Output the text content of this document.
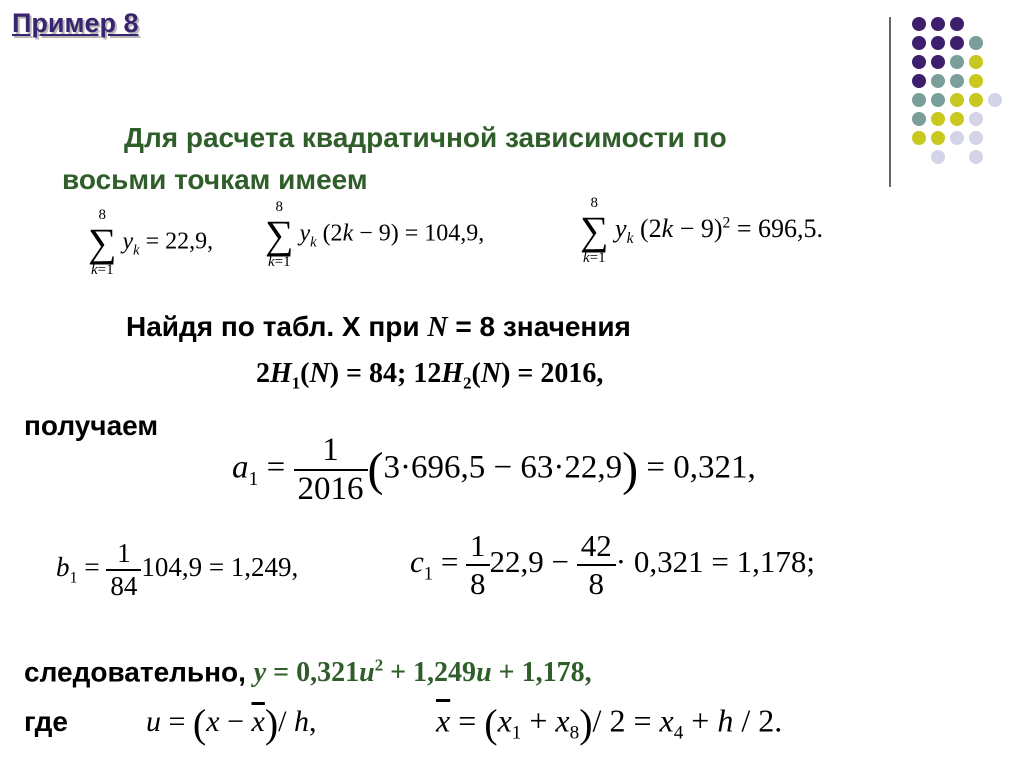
Пример 8
Для расчета квадратичной зависимости по
восьми точкам имеем
8
∑
k=1
$y_k = 22,9$,
8
∑
k=1
$y_k$ (2k − 9) = 104,9,
8
∑
k=1
$y_k$ $(2k - 9)^2 = 696,5$.
Найдя по табл. X при N = 8 значения
$2H_1(N) = 84$; $12H_2(N) = 2016$,
получаем
$a_1 = \frac{1}{2016} (3\cdot 696,5 - 63\cdot 22,9) = 0,321$,
$b_1 = \frac{1}{84} 104,9 = 1,249$,	$c_1 = \frac{1}{8} 22,9 - \frac{42}{8} \cdot 0,321 = 1,178$;
следовательно, $y = 0,321u^2 + 1,249u + 1,178$,
где	$u = (x - \overline{x})/$ h,	$\overline{x} = (x_1 + x_8)/$ $2 = x_4 + h / 2$.
